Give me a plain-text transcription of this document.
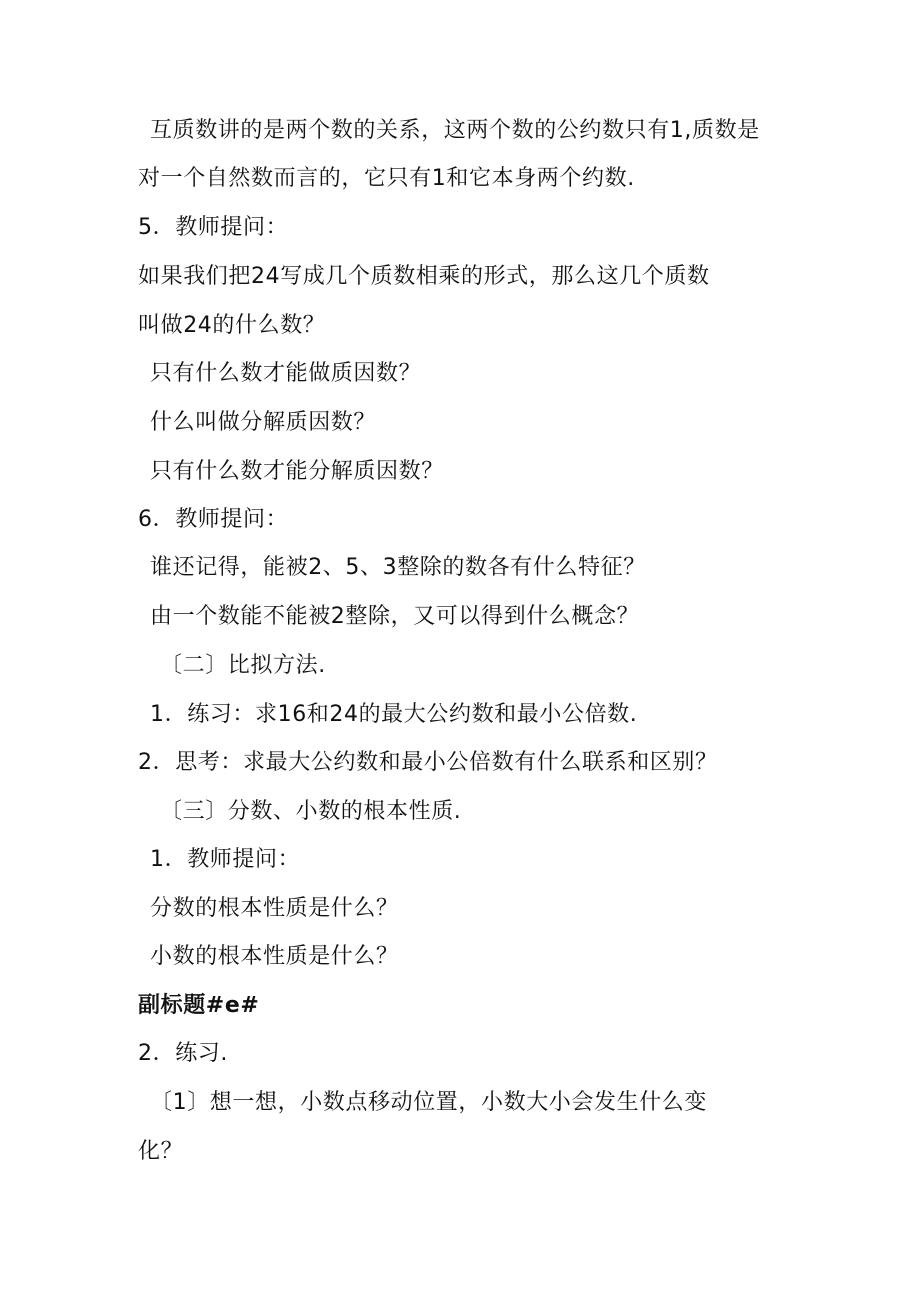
互质数讲的是两个数的关系，这两个数的公约数只有1,质数是

对一个自然数而言的，它只有1和它本身两个约数.

5．教师提问：

如果我们把24写成几个质数相乘的形式，那么这几个质数

叫做24的什么数？

只有什么数才能做质因数？

什么叫做分解质因数？

只有什么数才能分解质因数？

6．教师提问：

谁还记得，能被2、5、3整除的数各有什么特征？

由一个数能不能被2整除，又可以得到什么概念？

〔二〕比拟方法.

1．练习：求16和24的最大公约数和最小公倍数.

2．思考：求最大公约数和最小公倍数有什么联系和区别？

〔三〕分数、小数的根本性质.

1．教师提问：

分数的根本性质是什么？

小数的根本性质是什么？

副标题#e#

2．练习.

〔1〕想一想，小数点移动位置，小数大小会发生什么变

化？
